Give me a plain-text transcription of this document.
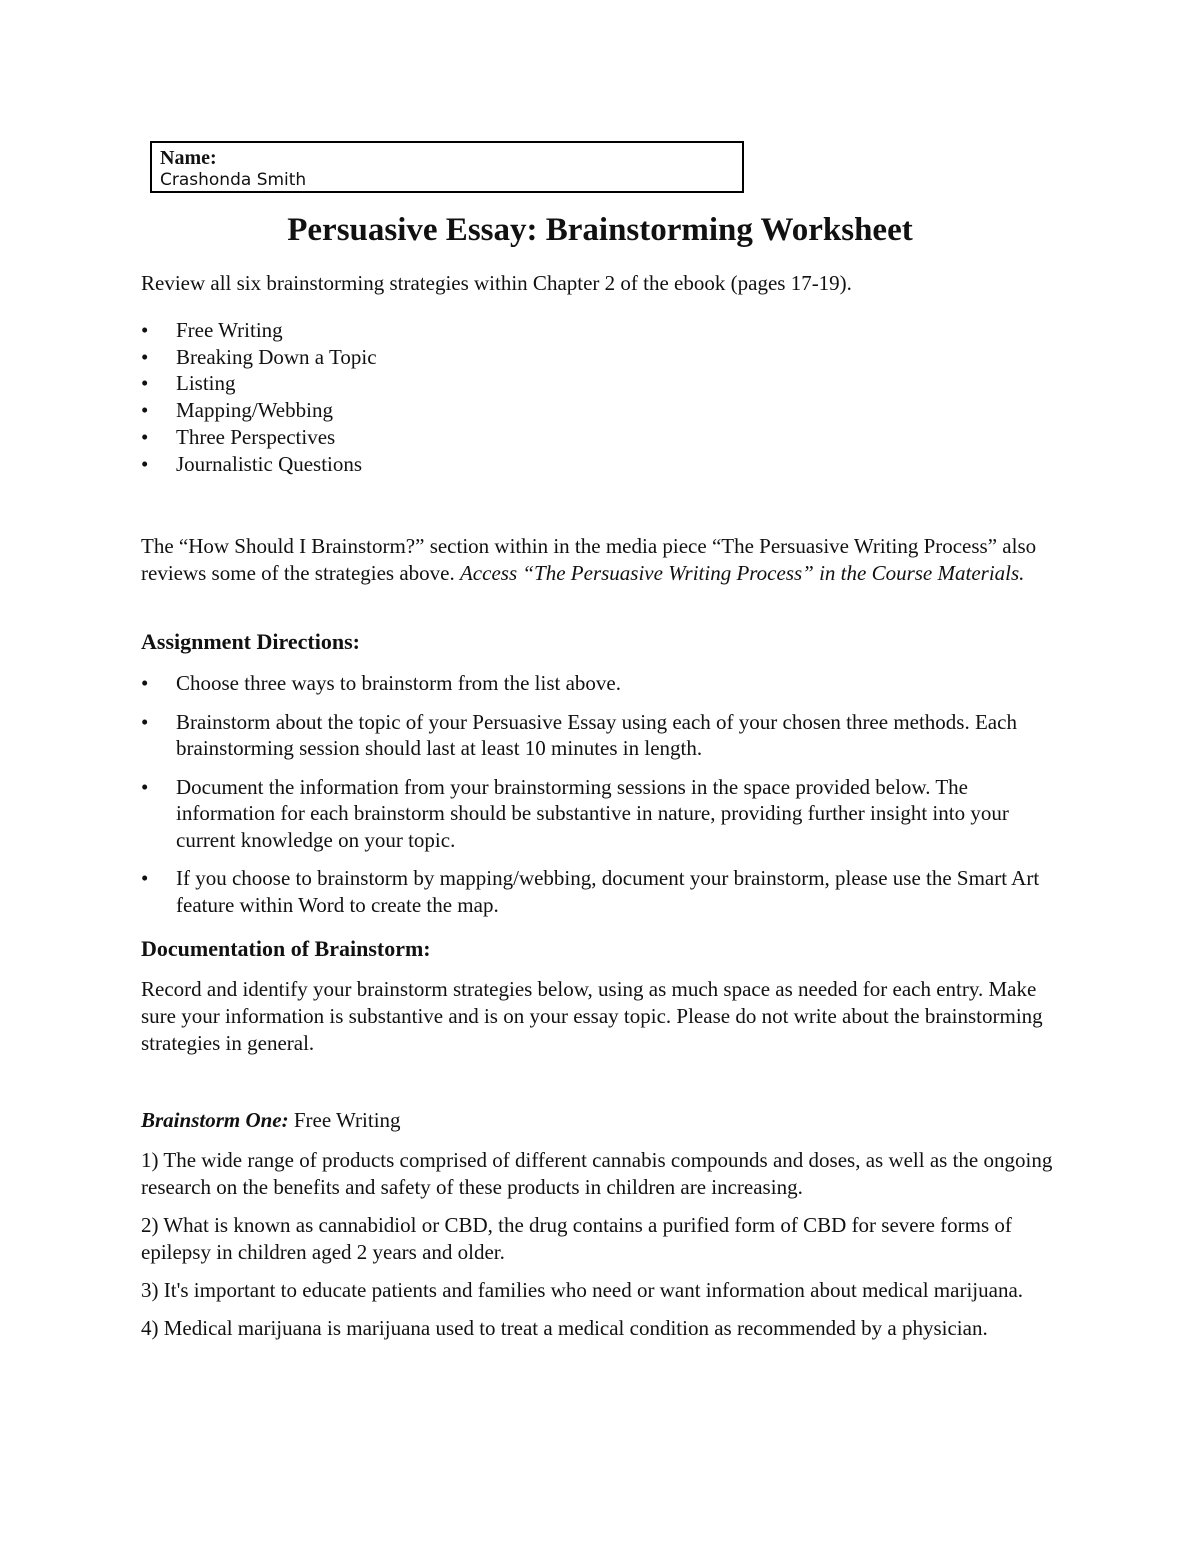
Name:
Crashonda Smith
Persuasive Essay: Brainstorming Worksheet
Review all six brainstorming strategies within Chapter 2 of the ebook (pages 17-19).
• Free Writing
• Breaking Down a Topic
• Listing
• Mapping/Webbing
• Three Perspectives
• Journalistic Questions
The “How Should I Brainstorm?” section within in the media piece “The Persuasive Writing Process” also reviews some of the strategies above. Access “The Persuasive Writing Process” in the Course Materials.
Assignment Directions:
• Choose three ways to brainstorm from the list above.
• Brainstorm about the topic of your Persuasive Essay using each of your chosen three methods. Each brainstorming session should last at least 10 minutes in length.
• Document the information from your brainstorming sessions in the space provided below. The information for each brainstorm should be substantive in nature, providing further insight into your current knowledge on your topic.
• If you choose to brainstorm by mapping/webbing, document your brainstorm, please use the Smart Art feature within Word to create the map.
Documentation of Brainstorm:
Record and identify your brainstorm strategies below, using as much space as needed for each entry. Make sure your information is substantive and is on your essay topic. Please do not write about the brainstorming strategies in general.
Brainstorm One: Free Writing

1) The wide range of products comprised of different cannabis compounds and doses, as well as the ongoing research on the benefits and safety of these products in children are increasing.

2) What is known as cannabidiol or CBD, the drug contains a purified form of CBD for severe forms of epilepsy in children aged 2 years and older.

3) It's important to educate patients and families who need or want information about medical marijuana.

4) Medical marijuana is marijuana used to treat a medical condition as recommended by a physician.
